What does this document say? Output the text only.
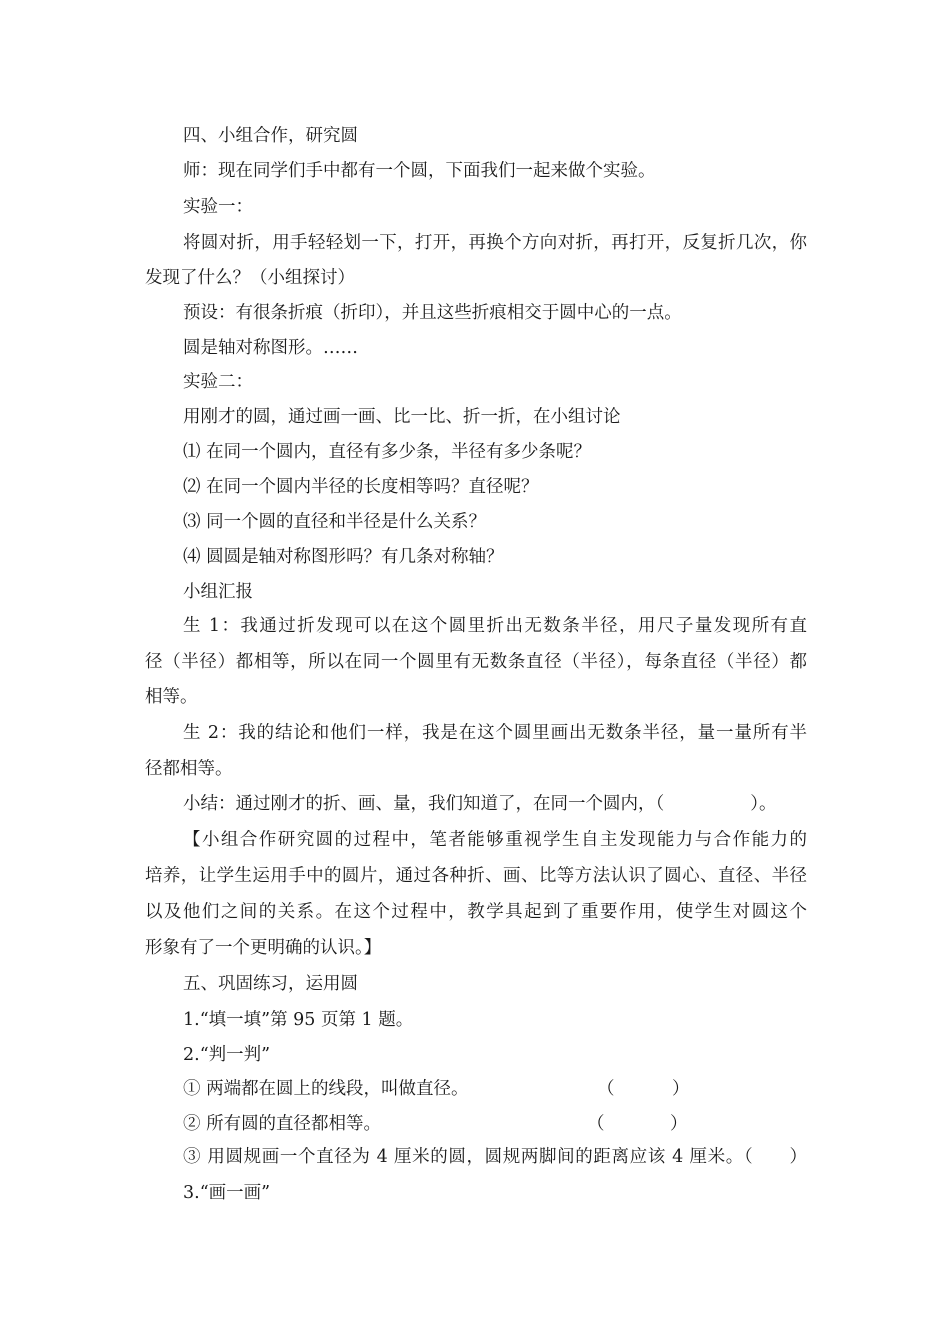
四、小组合作，研究圆
师：现在同学们手中都有一个圆，下面我们一起来做个实验。
实验一：
将圆对折，用手轻轻划一下，打开，再换个方向对折，再打开，反复折几次，你
发现了什么？（小组探讨）
预设：有很条折痕（折印），并且这些折痕相交于圆中心的一点。
圆是轴对称图形。……
实验二：
用刚才的圆，通过画一画、比一比、折一折，在小组讨论
⑴ 在同一个圆内，直径有多少条，半径有多少条呢？
⑵ 在同一个圆内半径的长度相等吗？直径呢？
⑶ 同一个圆的直径和半径是什么关系？
⑷ 圆圆是轴对称图形吗？有几条对称轴？
小组汇报
生 1：我通过折发现可以在这个圆里折出无数条半径，用尺子量发现所有直
径（半径）都相等，所以在同一个圆里有无数条直径（半径），每条直径（半径）都
相等。
生 2：我的结论和他们一样，我是在这个圆里画出无数条半径，量一量所有半
径都相等。
小结：通过刚才的折、画、量，我们知道了，在同一个圆内，（	）。
【小组合作研究圆的过程中，笔者能够重视学生自主发现能力与合作能力的
培养，让学生运用手中的圆片，通过各种折、画、比等方法认识了圆心、直径、半径
以及他们之间的关系。在这个过程中，教学具起到了重要作用，使学生对圆这个
形象有了一个更明确的认识。】
五、巩固练习，运用圆
1.“填一填”第 95 页第 1 题。
2.“判一判”
① 两端都在圆上的线段，叫做直径。	（	）
② 所有圆的直径都相等。	（	）
③ 用圆规画一个直径为 4 厘米的圆，圆规两脚间的距离应该 4 厘米。（　　）
3.“画一画”
